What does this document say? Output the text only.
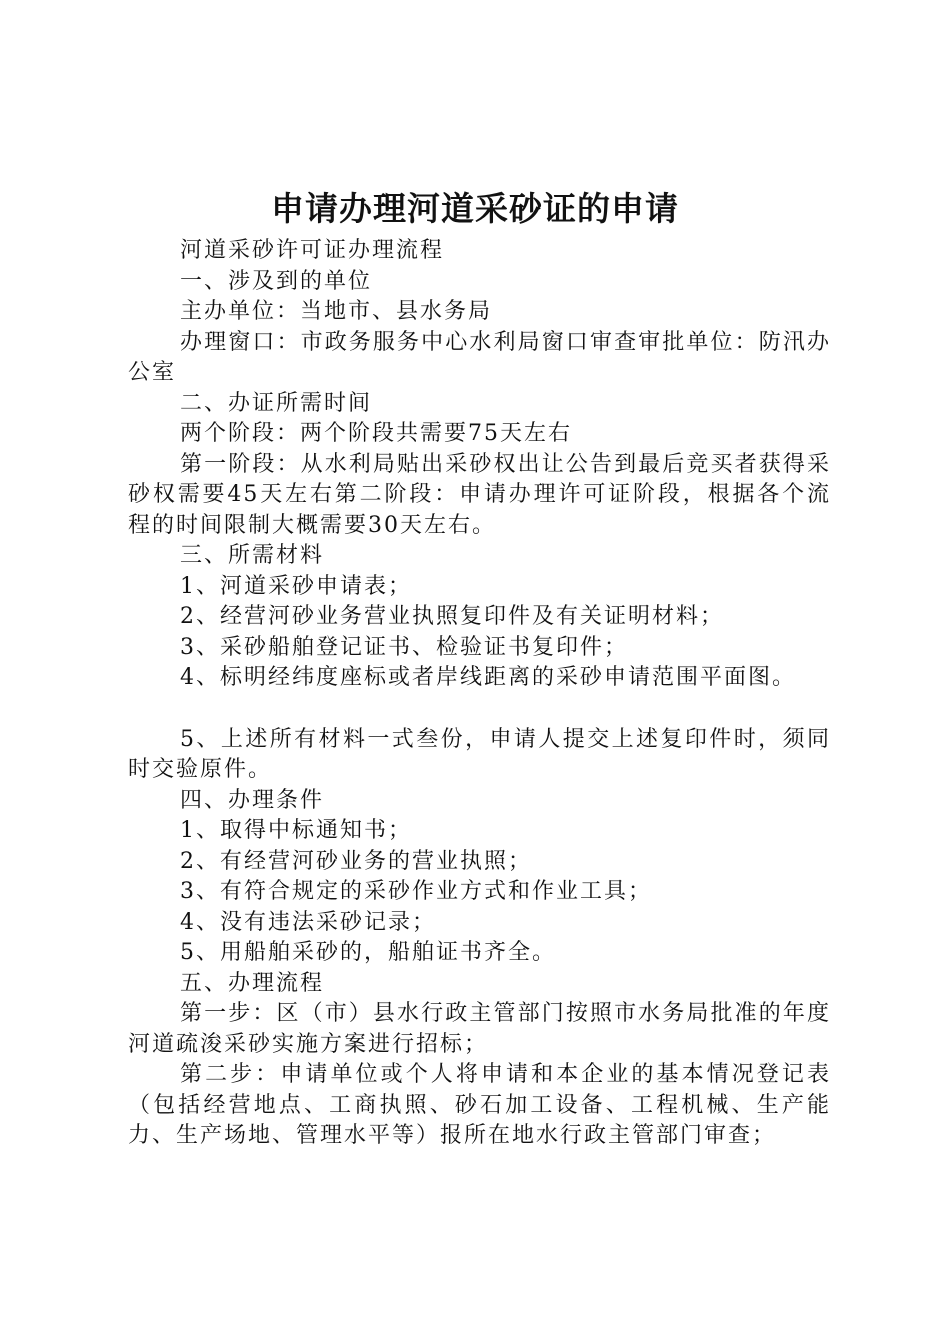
申请办理河道采砂证的申请

河道采砂许可证办理流程

一、涉及到的单位

主办单位：当地市、县水务局

办理窗口：市政务服务中心水利局窗口审查审批单位：防汛办公室

二、办证所需时间

两个阶段：两个阶段共需要75天左右

第一阶段：从水利局贴出采砂权出让公告到最后竞买者获得采砂权需要45天左右第二阶段：申请办理许可证阶段，根据各个流程的时间限制大概需要30天左右。

三、所需材料

1、河道采砂申请表；

2、经营河砂业务营业执照复印件及有关证明材料；

3、采砂船舶登记证书、检验证书复印件；

4、标明经纬度座标或者岸线距离的采砂申请范围平面图。

5、上述所有材料一式叁份，申请人提交上述复印件时，须同时交验原件。

四、办理条件

1、取得中标通知书；

2、有经营河砂业务的营业执照；

3、有符合规定的采砂作业方式和作业工具；

4、没有违法采砂记录；

5、用船舶采砂的，船舶证书齐全。

五、办理流程

第一步：区（市）县水行政主管部门按照市水务局批准的年度河道疏浚采砂实施方案进行招标；

第二步：申请单位或个人将申请和本企业的基本情况登记表（包括经营地点、工商执照、砂石加工设备、工程机械、生产能力、生产场地、管理水平等）报所在地水行政主管部门审查；
